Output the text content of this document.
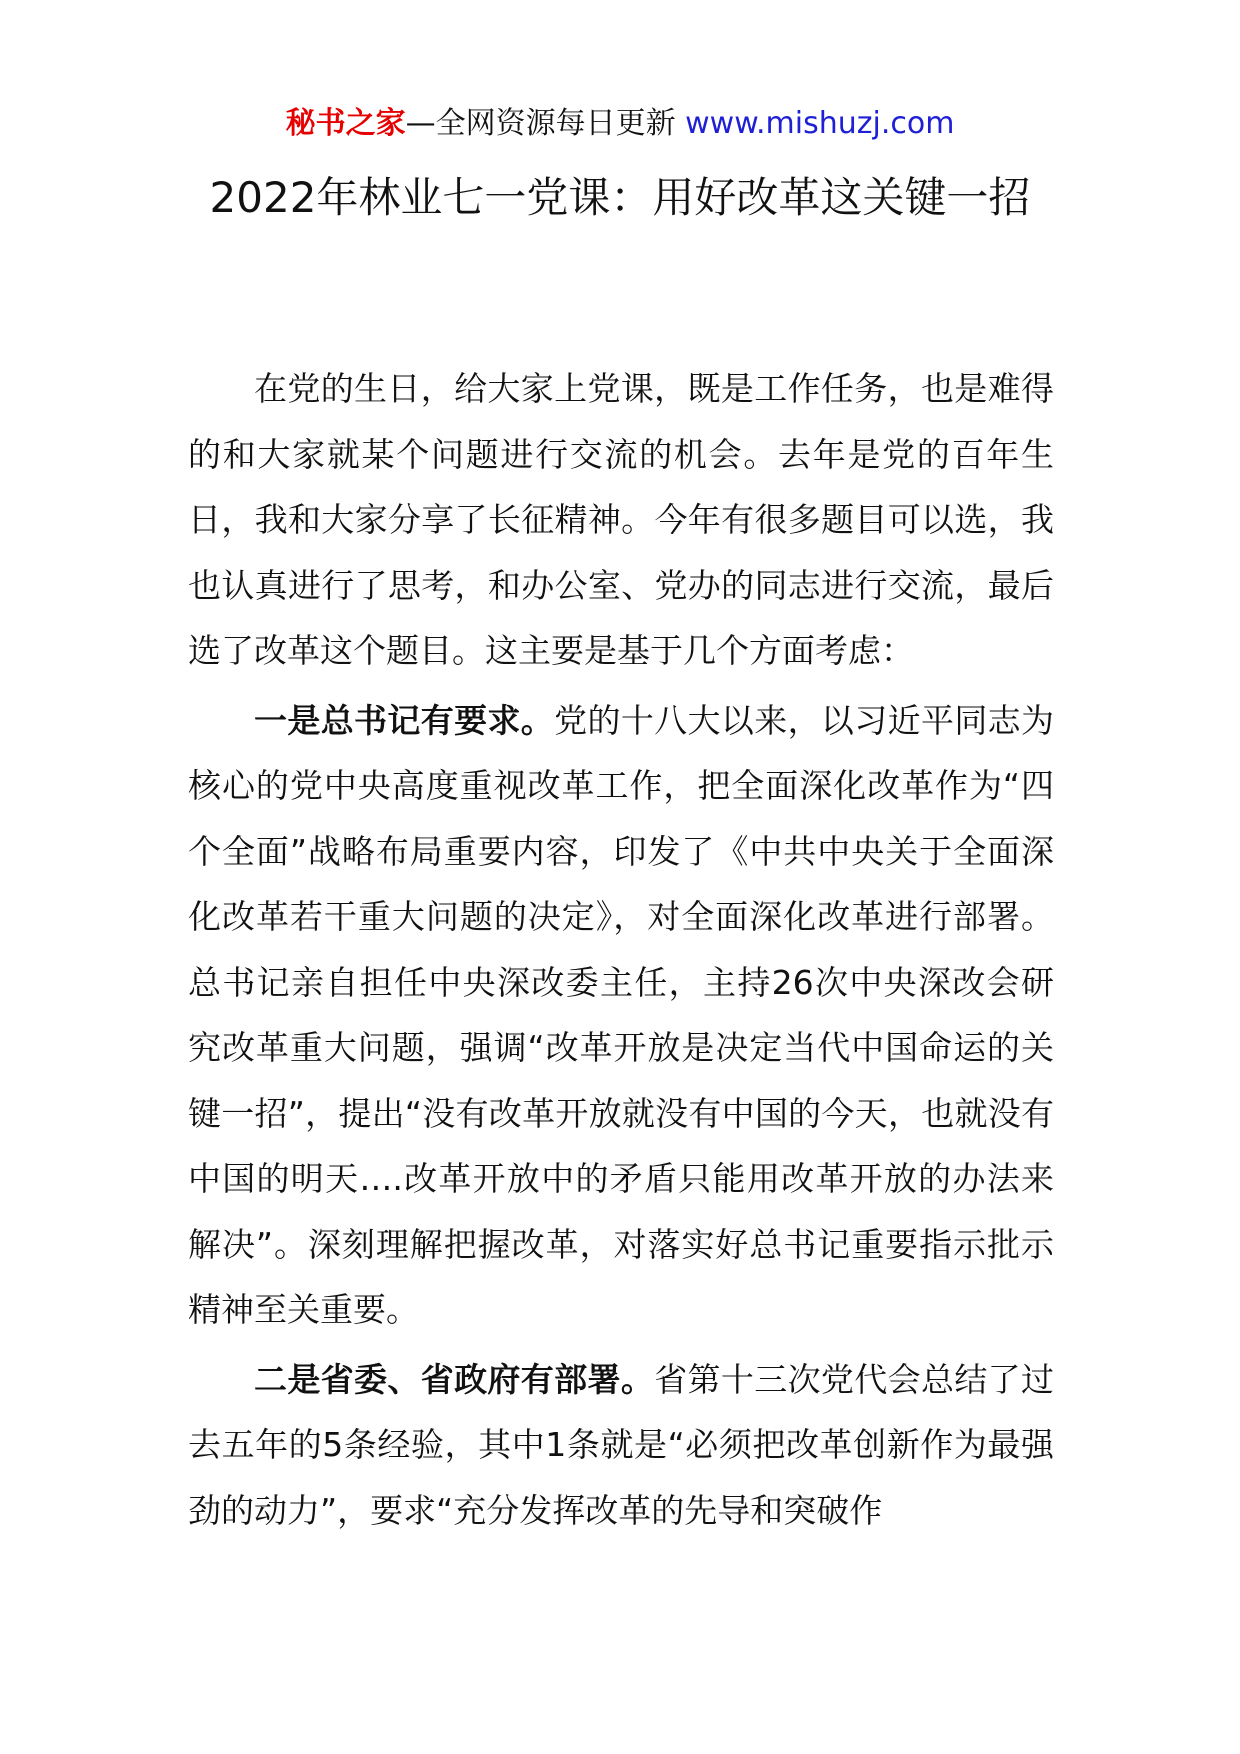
秘书之家—全网资源每日更新 www.mishuzj.com
2022年林业七一党课：用好改革这关键一招

在党的生日，给大家上党课，既是工作任务，也是难得的和大家就某个问题进行交流的机会。去年是党的百年生日，我和大家分享了长征精神。今年有很多题目可以选，我也认真进行了思考，和办公室、党办的同志进行交流，最后选了改革这个题目。这主要是基于几个方面考虑：

一是总书记有要求。党的十八大以来，以习近平同志为核心的党中央高度重视改革工作，把全面深化改革作为“四个全面”战略布局重要内容，印发了《中共中央关于全面深化改革若干重大问题的决定》，对全面深化改革进行部署。总书记亲自担任中央深改委主任，主持26次中央深改会研究改革重大问题，强调“改革开放是决定当代中国命运的关键一招”，提出“没有改革开放就没有中国的今天，也就没有中国的明天….改革开放中的矛盾只能用改革开放的办法来解决”。深刻理解把握改革，对落实好总书记重要指示批示精神至关重要。

二是省委、省政府有部署。省第十三次党代会总结了过去五年的5条经验，其中1条就是“必须把改革创新作为最强劲的动力”，要求“充分发挥改革的先导和突破作
